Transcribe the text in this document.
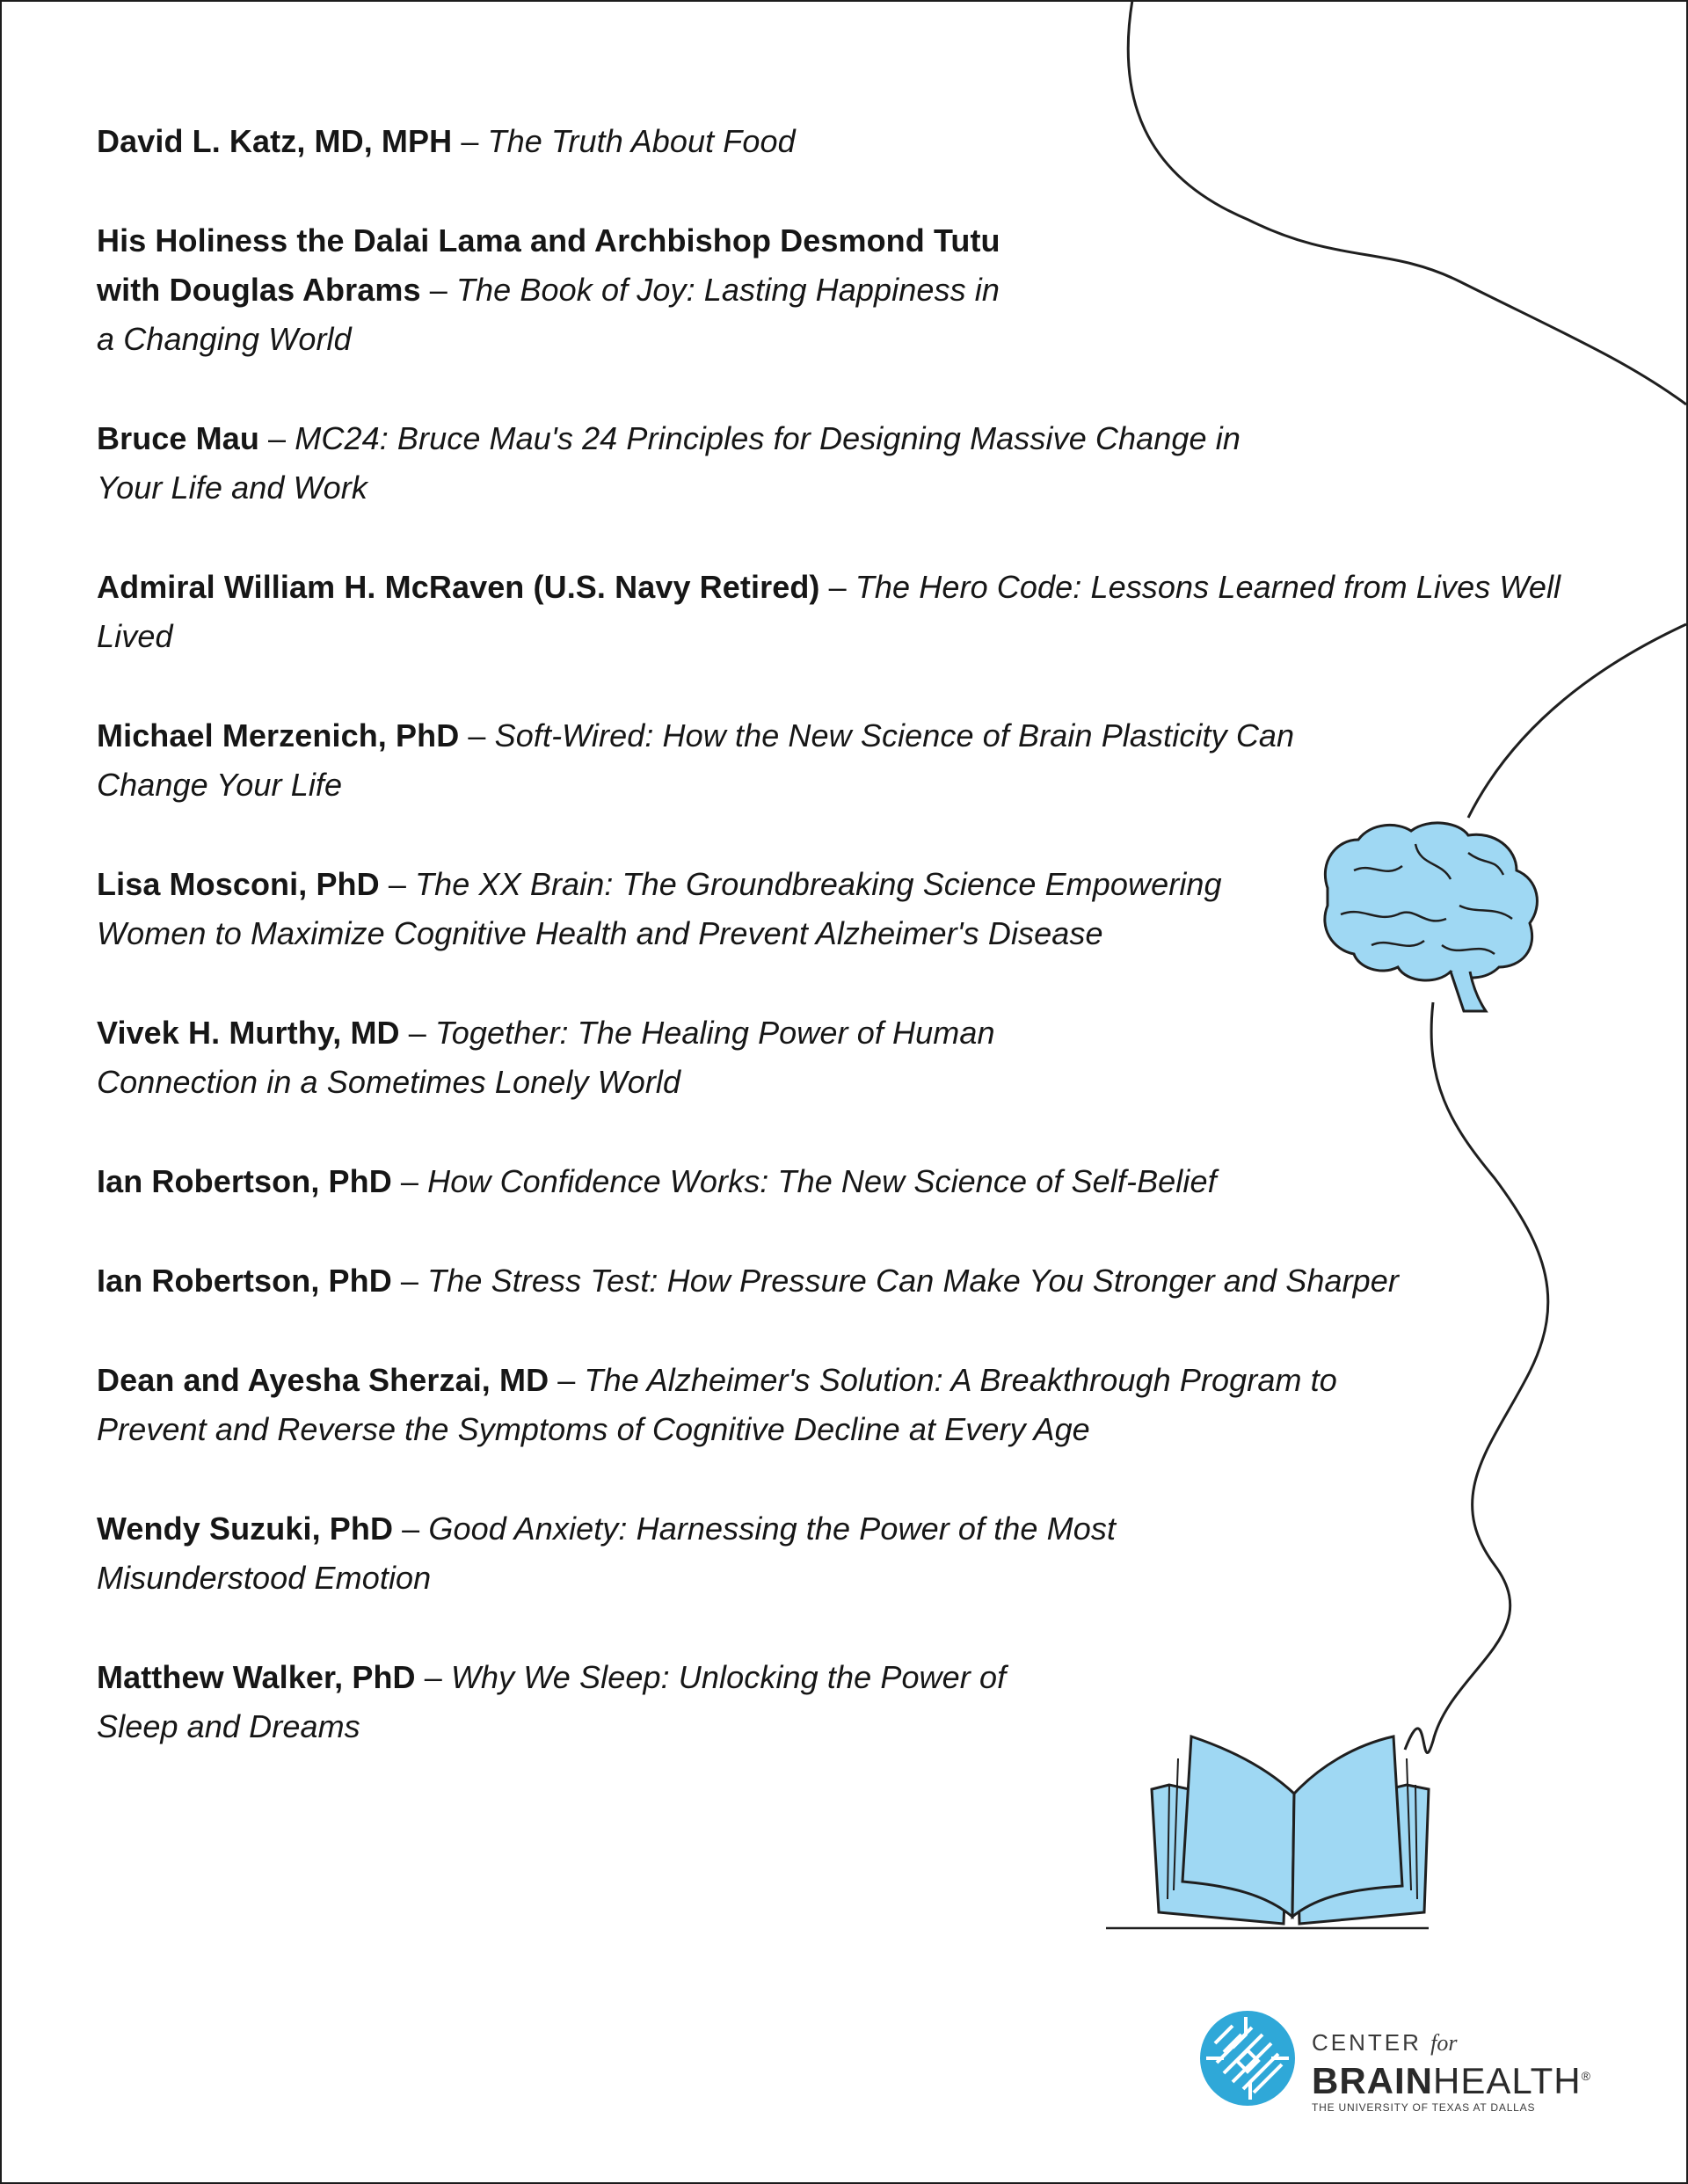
David L. Katz, MD, MPH – The Truth About Food

His Holiness the Dalai Lama and Archbishop Desmond Tutu with Douglas Abrams – The Book of Joy: Lasting Happiness in a Changing World

Bruce Mau – MC24: Bruce Mau's 24 Principles for Designing Massive Change in Your Life and Work

Admiral William H. McRaven (U.S. Navy Retired) – The Hero Code: Lessons Learned from Lives Well Lived

Michael Merzenich, PhD – Soft-Wired: How the New Science of Brain Plasticity Can Change Your Life

Lisa Mosconi, PhD – The XX Brain: The Groundbreaking Science Empowering Women to Maximize Cognitive Health and Prevent Alzheimer's Disease

Vivek H. Murthy, MD – Together: The Healing Power of Human Connection in a Sometimes Lonely World

Ian Robertson, PhD – How Confidence Works: The New Science of Self-Belief

Ian Robertson, PhD – The Stress Test: How Pressure Can Make You Stronger and Sharper

Dean and Ayesha Sherzai, MD – The Alzheimer's Solution: A Breakthrough Program to Prevent and Reverse the Symptoms of Cognitive Decline at Every Age

Wendy Suzuki, PhD – Good Anxiety: Harnessing the Power of the Most Misunderstood Emotion

Matthew Walker, PhD – Why We Sleep: Unlocking the Power of Sleep and Dreams

CENTER for
BRAINHEALTH®
THE UNIVERSITY OF TEXAS AT DALLAS
